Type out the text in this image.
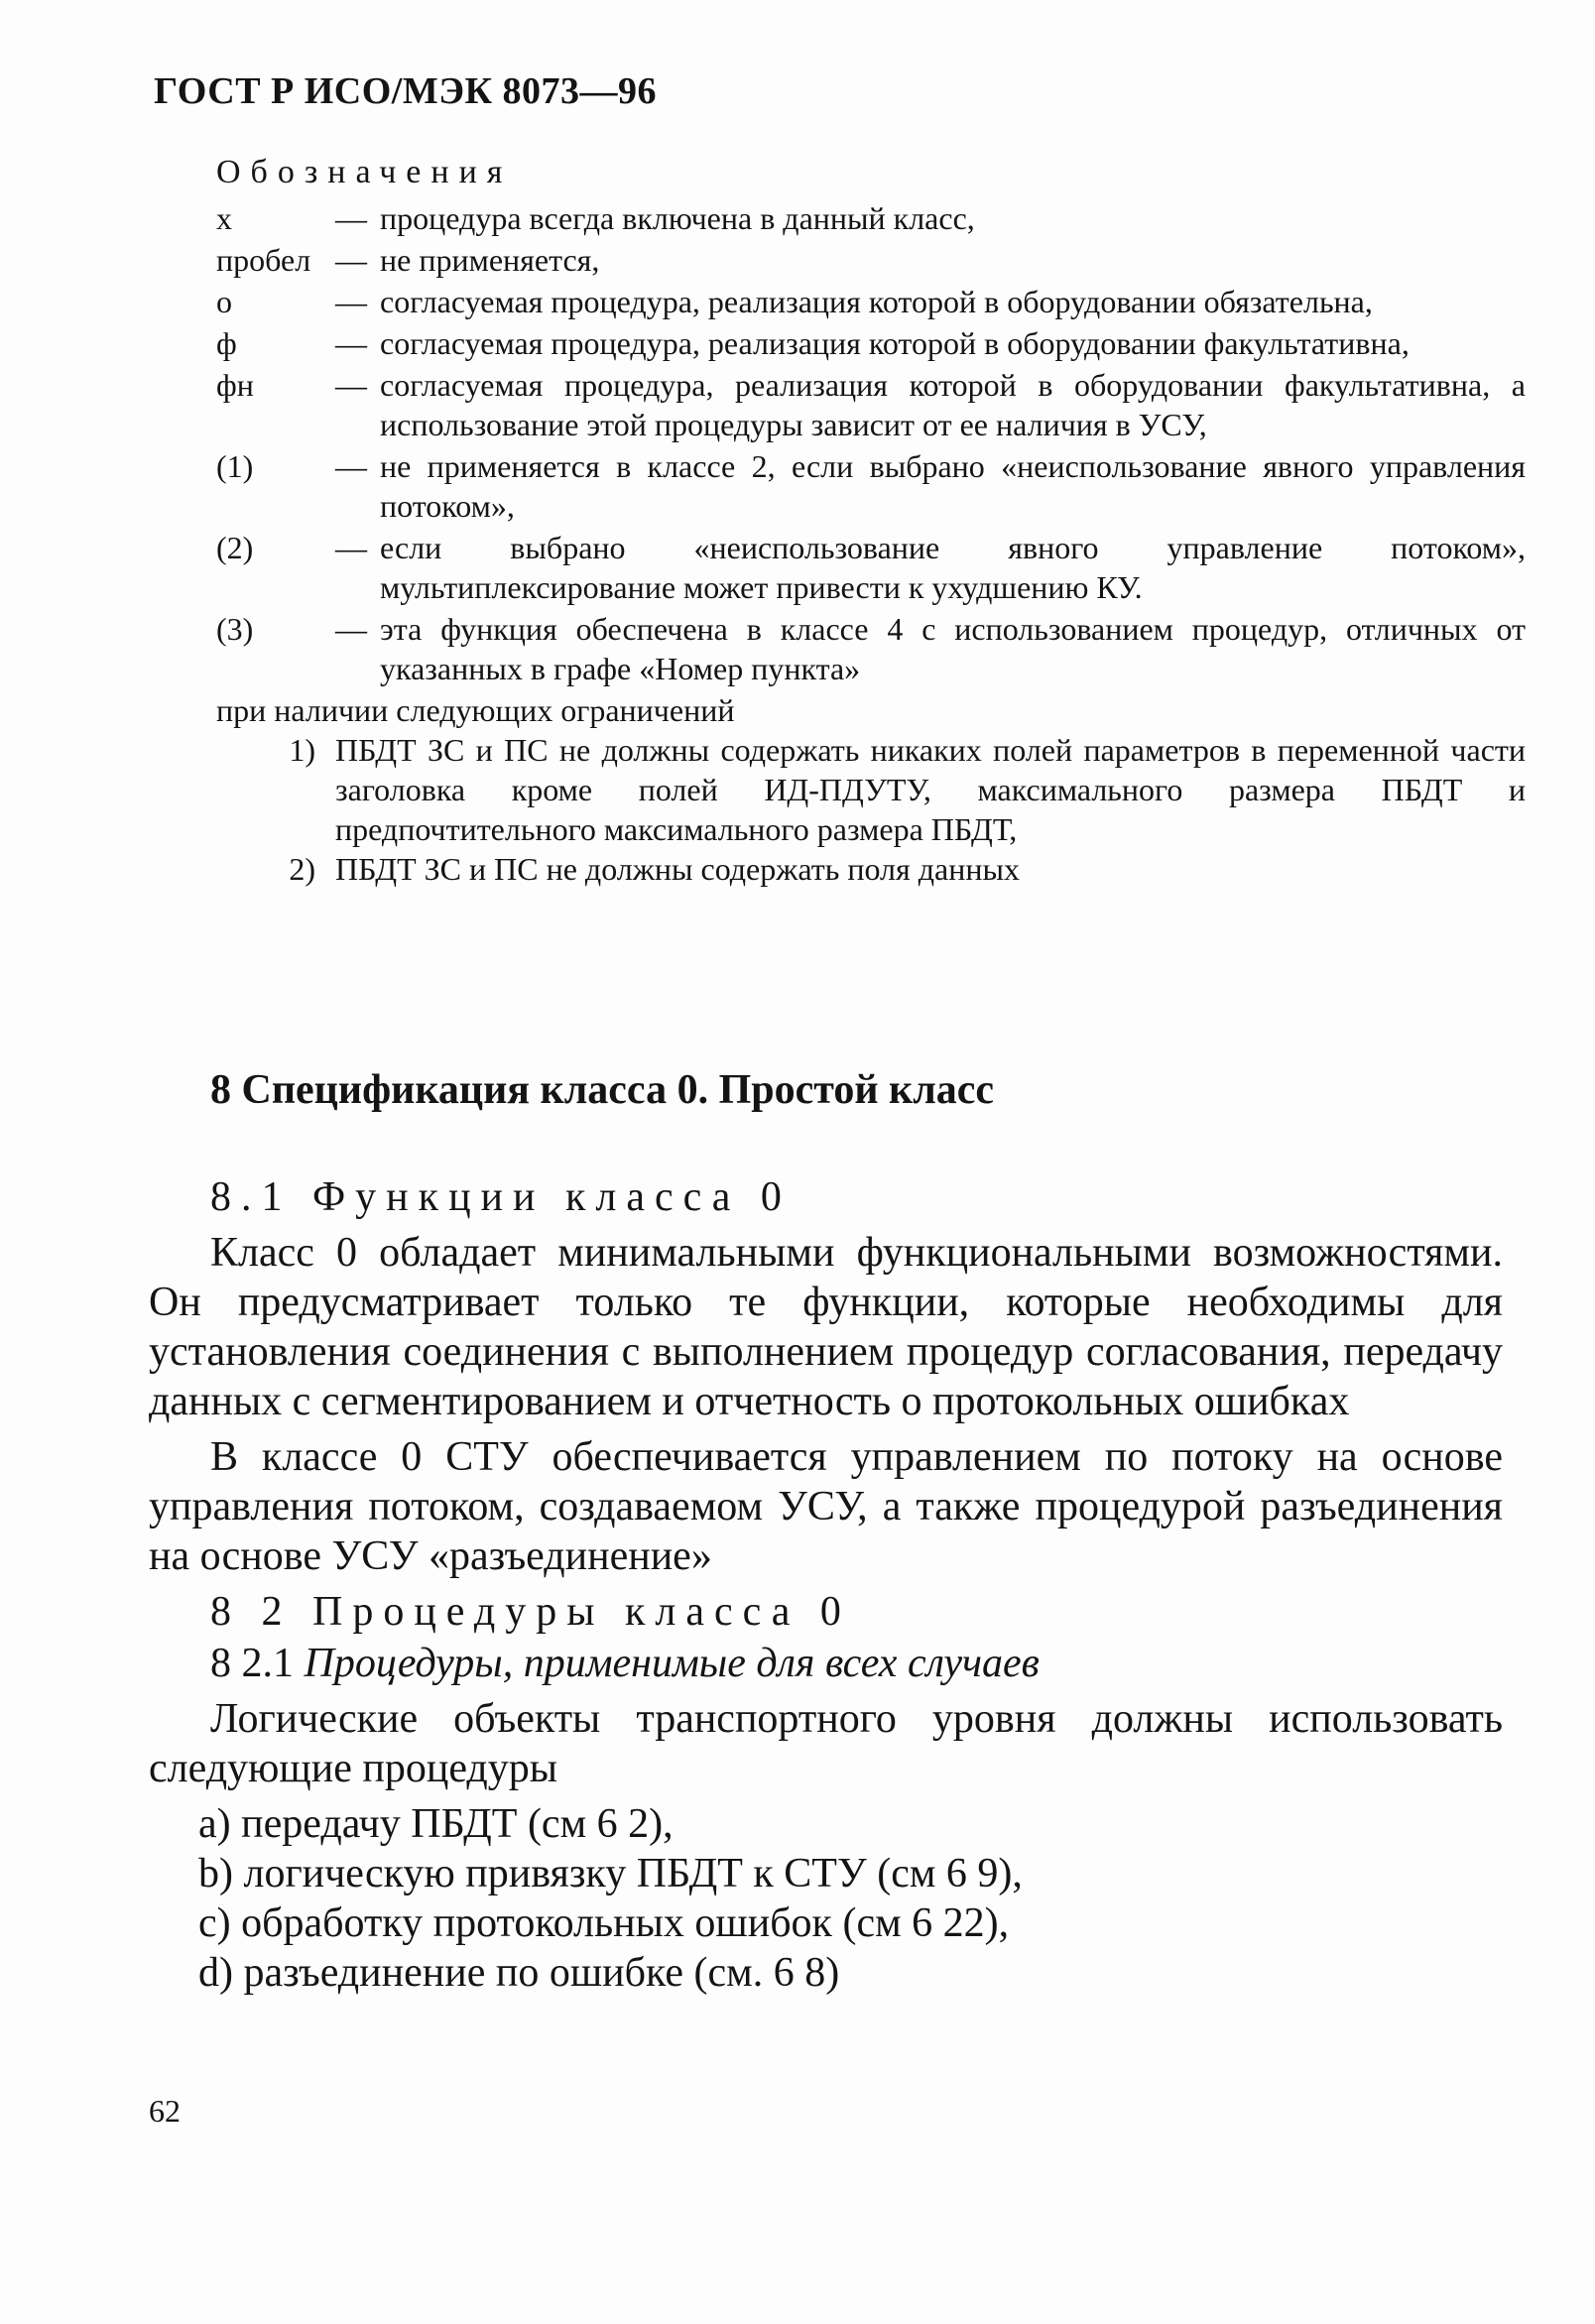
ГОСТ Р ИСО/МЭК 8073—96
Обозначения
х	— процедура всегда включена в данный класс,
пробел — не применяется,
о	— согласуемая процедура, реализация которой в оборудовании обязательна,
ф	— согласуемая процедура, реализация которой в оборудовании факультативна,
фн	— согласуемая процедура, реализация которой в оборудовании факультативна, а использование этой процедуры зависит от ее наличия в УСУ,
(1)	— не применяется в классе 2, если выбрано «неиспользование явного управления потоком»,
(2)	— если выбрано «неиспользование явного управление потоком», мультиплексирование может привести к ухудшению КУ.
(3)	— эта функция обеспечена в классе 4 с использованием процедур, отличных от указанных в графе «Номер пункта»
при наличии следующих ограничений
1) ПБДТ ЗС и ПС не должны содержать никаких полей параметров в переменной части заголовка кроме полей ИД-ПДУТУ, максимального размера ПБДТ и предпочтительного максимального размера ПБДТ,
2) ПБДТ ЗС и ПС не должны содержать поля данных
8 Спецификация класса 0. Простой класс
8.1 Функции класса 0
Класс 0 обладает минимальными функциональными возможностями. Он предусматривает только те функции, которые необходимы для установления соединения с выполнением процедур согласования, передачу данных с сегментированием и отчетность о протокольных ошибках
В классе 0 СТУ обеспечивается управлением по потоку на основе управления потоком, создаваемом УСУ, а также процедурой разъединения на основе УСУ «разъединение»
8 2 Процедуры класса 0
8 2.1 Процедуры, применимые для всех случаев
Логические объекты транспортного уровня должны использовать следующие процедуры
a) передачу ПБДТ (см 6 2),
b) логическую привязку ПБДТ к СТУ (см 6 9),
c) обработку протокольных ошибок (см 6 22),
d) разъединение по ошибке (см. 6 8)
62
